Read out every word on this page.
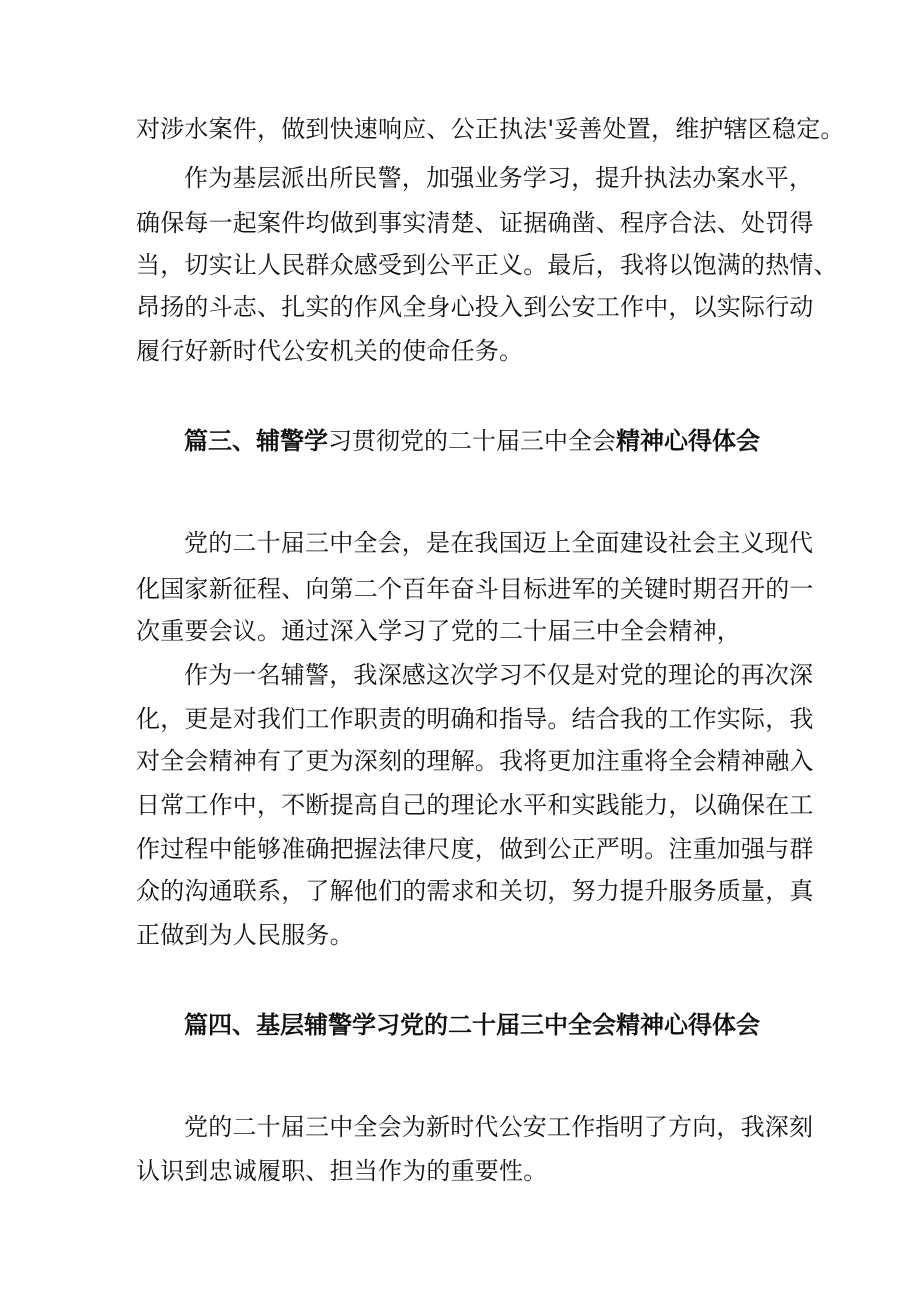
对涉水案件，做到快速响应、公正执法'妥善处置，维护辖区稳定。

作为基层派出所民警，加强业务学习，提升执法办案水平，

确保每一起案件均做到事实清楚、证据确凿、程序合法、处罚得

当，切实让人民群众感受到公平正义。最后，我将以饱满的热情、

昂扬的斗志、扎实的作风全身心投入到公安工作中，以实际行动

履行好新时代公安机关的使命任务。

篇三、辅警学习贯彻党的二十届三中全会精神心得体会

党的二十届三中全会，是在我国迈上全面建设社会主义现代

化国家新征程、向第二个百年奋斗目标进军的关键时期召开的一

次重要会议。通过深入学习了党的二十届三中全会精神，

作为一名辅警，我深感这次学习不仅是对党的理论的再次深

化，更是对我们工作职责的明确和指导。结合我的工作实际，我

对全会精神有了更为深刻的理解。我将更加注重将全会精神融入

日常工作中，不断提高自己的理论水平和实践能力，以确保在工

作过程中能够准确把握法律尺度，做到公正严明。注重加强与群

众的沟通联系，了解他们的需求和关切，努力提升服务质量，真

正做到为人民服务。

篇四、基层辅警学习党的二十届三中全会精神心得体会

党的二十届三中全会为新时代公安工作指明了方向，我深刻

认识到忠诚履职、担当作为的重要性。
